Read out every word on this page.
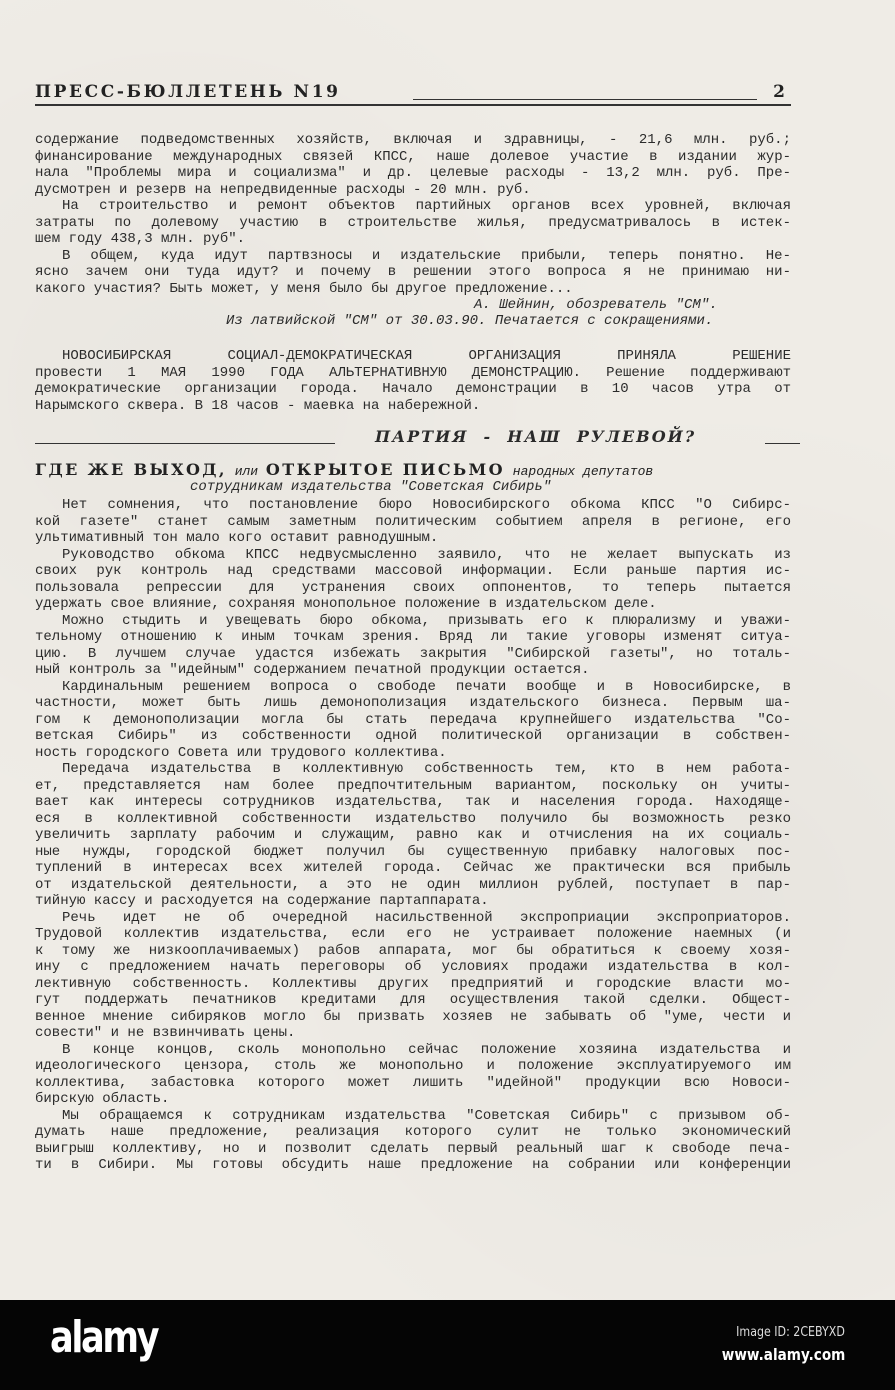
ПРЕСС-БЮЛЛЕТЕНЬ N19	2
содержание подведомственных хозяйств, включая и здравницы, - 21,6 млн. руб.;
финансирование международных связей КПСС, наше долевое участие в издании жур-
нала "Проблемы мира и социализма" и др. целевые расходы - 13,2 млн. руб. Пре-
дусмотрен и резерв на непредвиденные расходы - 20 млн. руб.
На строительство и ремонт объектов партийных органов всех уровней, включая
затраты по долевому участию в строительстве жилья, предусматривалось в истек-
шем году 438,3 млн. руб".
В общем, куда идут партвзносы и издательские прибыли, теперь понятно. Не-
ясно зачем они туда идут? и почему в решении этого вопроса я не принимаю ни-
какого участия? Быть может, у меня было бы другое предложение...
А. Шейнин, обозреватель "СМ".
Из латвийской "СМ" от 30.03.90. Печатается с сокращениями.
НОВОСИБИРСКАЯ СОЦИАЛ-ДЕМОКРАТИЧЕСКАЯ ОРГАНИЗАЦИЯ ПРИНЯЛА РЕШЕНИЕ
провести 1 МАЯ 1990 ГОДА АЛЬТЕРНАТИВНУЮ ДЕМОНСТРАЦИЮ. Решение поддерживают
демократические организации города. Начало демонстрации в 10 часов утра от
Нарымского сквера. В 18 часов - маевка на набережной.
ПАРТИЯ  -  НАШ  РУЛЕВОЙ?
ГДЕ ЖЕ ВЫХОД, или ОТКРЫТОЕ ПИСЬМО народных депутатов
сотрудникам издательства "Советская Сибирь"
Нет сомнения, что постановление бюро Новосибирского обкома КПСС "О Сибирс-
кой газете" станет самым заметным политическим событием апреля в регионе, его
ультимативный тон мало кого оставит равнодушным.
Руководство обкома КПСС недвусмысленно заявило, что не желает выпускать из
своих рук контроль над средствами массовой информации. Если раньше партия ис-
пользовала репрессии для устранения своих оппонентов, то теперь пытается
удержать свое влияние, сохраняя монопольное положение в издательском деле.
Можно стыдить и увещевать бюро обкома, призывать его к плюрализму и уважи-
тельному отношению к иным точкам зрения. Вряд ли такие уговоры изменят ситуа-
цию. В лучшем случае удастся избежать закрытия "Сибирской газеты", но тоталь-
ный контроль за "идейным" содержанием печатной продукции остается.
Кардинальным решением вопроса о свободе печати вообще и в Новосибирске, в
частности, может быть лишь демонополизация издательского бизнеса. Первым ша-
гом к демонополизации могла бы стать передача крупнейшего издательства "Со-
ветская Сибирь" из собственности одной политической организации в собствен-
ность городского Совета или трудового коллектива.
Передача издательства в коллективную собственность тем, кто в нем работа-
ет, представляется нам более предпочтительным вариантом, поскольку он учиты-
вает как интересы сотрудников издательства, так и населения города. Находяще-
еся в коллективной собственности издательство получило бы возможность резко
увеличить зарплату рабочим и служащим, равно как и отчисления на их социаль-
ные нужды, городской бюджет получил бы существенную прибавку налоговых пос-
туплений в интересах всех жителей города. Сейчас же практически вся прибыль
от издательской деятельности, а это не один миллион рублей, поступает в пар-
тийную кассу и расходуется на содержание партаппарата.
Речь идет не об очередной насильственной экспроприации экспроприаторов.
Трудовой коллектив издательства, если его не устраивает положение наемных (и
к тому же низкооплачиваемых) рабов аппарата, мог бы обратиться к своему хозя-
ину с предложением начать переговоры об условиях продажи издательства в кол-
лективную собственность. Коллективы других предприятий и городские власти мо-
гут поддержать печатников кредитами для осуществления такой сделки. Общест-
венное мнение сибиряков могло бы призвать хозяев не забывать об "уме, чести и
совести" и не взвинчивать цены.
В конце концов, сколь монопольно сейчас положение хозяина издательства и
идеологического цензора, столь же монопольно и положение эксплуатируемого им
коллектива, забастовка которого может лишить "идейной" продукции всю Новоси-
бирскую область.
Мы обращаемся к сотрудникам издательства "Советская Сибирь" с призывом об-
думать наше предложение, реализация которого сулит не только экономический
выигрыш коллективу, но и позволит сделать первый реальный шаг к свободе печа-
ти в Сибири. Мы готовы обсудить наше предложение на собрании или конференции
alamy	Image ID: 2CEBYXD
www.alamy.com
